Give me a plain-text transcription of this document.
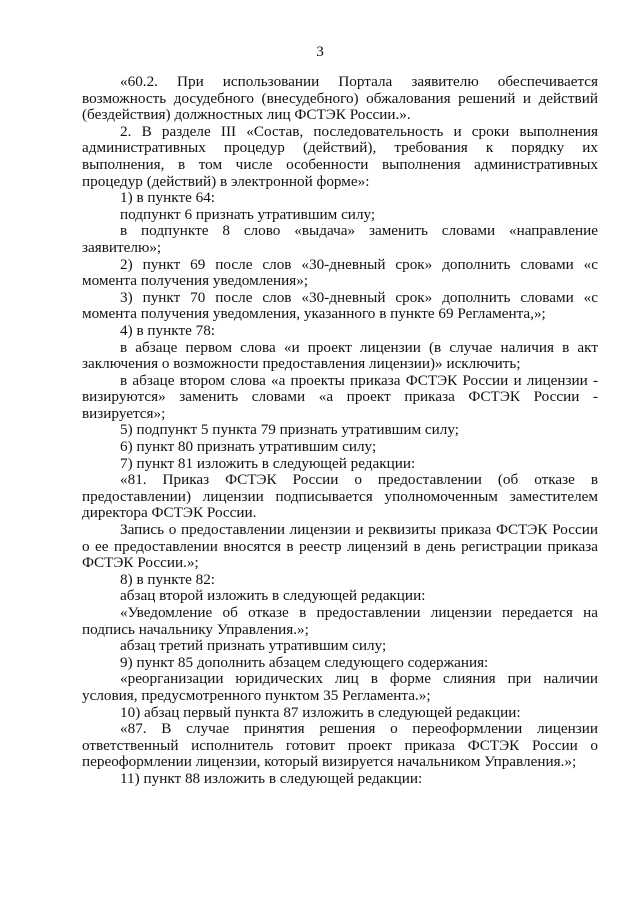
3

«60.2. При использовании Портала заявителю обеспечивается возможность досудебного (внесудебного) обжалования решений и действий (бездействия) должностных лиц ФСТЭК России.».

2. В разделе III «Состав, последовательность и сроки выполнения административных процедур (действий), требования к порядку их выполнения, в том числе особенности выполнения административных процедур (действий) в электронной форме»:

1) в пункте 64:

подпункт 6 признать утратившим силу;

в подпункте 8 слово «выдача» заменить словами «направление заявителю»;

2) пункт 69 после слов «30-дневный срок» дополнить словами «с момента получения уведомления»;

3) пункт 70 после слов «30-дневный срок» дополнить словами «с момента получения уведомления, указанного в пункте 69 Регламента,»;

4) в пункте 78:

в абзаце первом слова «и проект лицензии (в случае наличия в акт заключения о возможности предоставления лицензии)» исключить;

в абзаце втором слова «а проекты приказа ФСТЭК России и лицензии - визируются» заменить словами «а проект приказа ФСТЭК России - визируется»;

5) подпункт 5 пункта 79 признать утратившим силу;

6) пункт 80 признать утратившим силу;

7) пункт 81 изложить в следующей редакции:

«81. Приказ ФСТЭК России о предоставлении (об отказе в предоставлении) лицензии подписывается уполномоченным заместителем директора ФСТЭК России.

Запись о предоставлении лицензии и реквизиты приказа ФСТЭК России о ее предоставлении вносятся в реестр лицензий в день регистрации приказа ФСТЭК России.»;

8) в пункте 82:

абзац второй изложить в следующей редакции:

«Уведомление об отказе в предоставлении лицензии передается на подпись начальнику Управления.»;

абзац третий признать утратившим силу;

9) пункт 85 дополнить абзацем следующего содержания:

«реорганизации юридических лиц в форме слияния при наличии условия, предусмотренного пунктом 35 Регламента.»;

10) абзац первый пункта 87 изложить в следующей редакции:

«87. В случае принятия решения о переоформлении лицензии ответственный исполнитель готовит проект приказа ФСТЭК России о переоформлении лицензии, который визируется начальником Управления.»;

11) пункт 88 изложить в следующей редакции:
